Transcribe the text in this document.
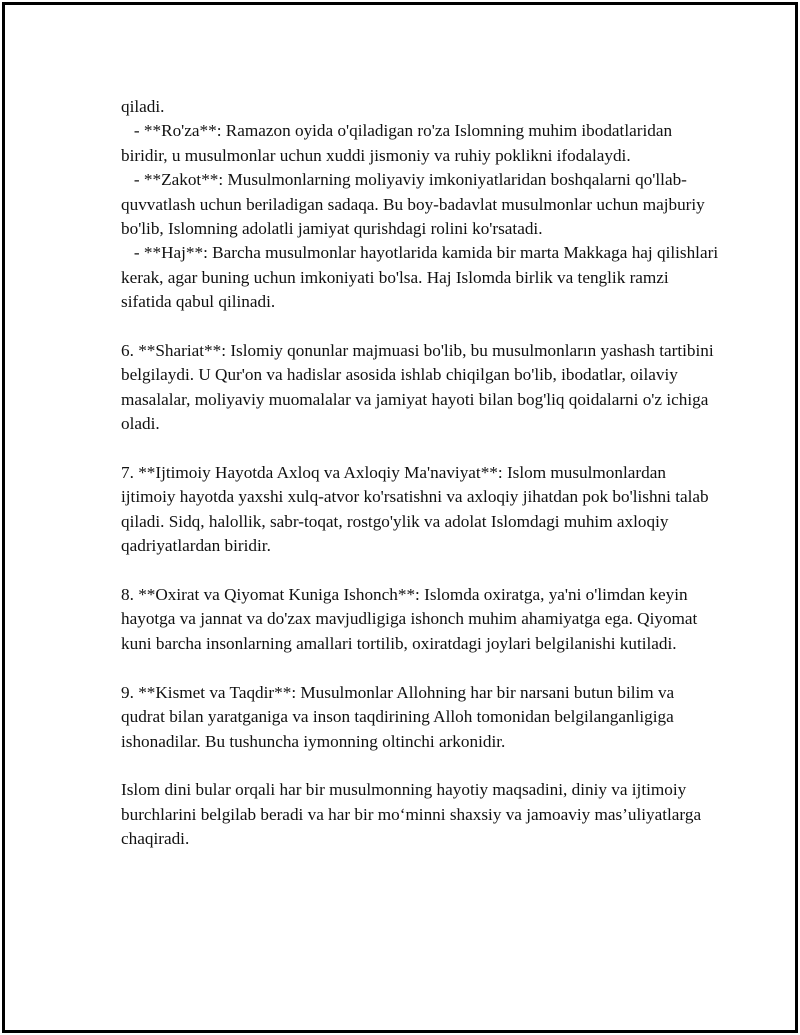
qiladi.
- **Ro'za**: Ramazon oyida o'qiladigan ro'za Islomning muhim ibodatlaridan biridir, u musulmonlar uchun xuddi jismoniy va ruhiy poklikni ifodalaydi.
- **Zakot**: Musulmonlarning moliyaviy imkoniyatlaridan boshqalarni qo'llab-quvvatlash uchun beriladigan sadaqa. Bu boy-badavlat musulmonlar uchun majburiy bo'lib, Islomning adolatli jamiyat qurishdagi rolini ko'rsatadi.
- **Haj**: Barcha musulmonlar hayotlarida kamida bir marta Makkaga haj qilishlari kerak, agar buning uchun imkoniyati bo'lsa. Haj Islomda birlik va tenglik ramzi sifatida qabul qilinadi.

6. **Shariat**: Islomiy qonunlar majmuasi bo'lib, bu musulmonların yashash tartibini belgilaydi. U Qur'on va hadislar asosida ishlab chiqilgan bo'lib, ibodatlar, oilaviy masalalar, moliyaviy muomalalar va jamiyat hayoti bilan bog'liq qoidalarni o'z ichiga oladi.

7. **Ijtimoiy Hayotda Axloq va Axloqiy Ma'naviyat**: Islom musulmonlardan ijtimoiy hayotda yaxshi xulq-atvor ko'rsatishni va axloqiy jihatdan pok bo'lishni talab qiladi. Sidq, halollik, sabr-toqat, rostgo'ylik va adolat Islomdagi muhim axloqiy qadriyatlardan biridir.

8. **Oxirat va Qiyomat Kuniga Ishonch**: Islomda oxiratga, ya'ni o'limdan keyin hayotga va jannat va do'zax mavjudligiga ishonch muhim ahamiyatga ega. Qiyomat kuni barcha insonlarning amallari tortilib, oxiratdagi joylari belgilanishi kutiladi.

9. **Kismet va Taqdir**: Musulmonlar Allohning har bir narsani butun bilim va qudrat bilan yaratganiga va inson taqdirining Alloh tomonidan belgilanganligiga ishonadilar. Bu tushuncha iymonning oltinchi arkonidir.

Islom dini bular orqali har bir musulmonning hayotiy maqsadini, diniy va ijtimoiy burchlarini belgilab beradi va har bir mo‘minni shaxsiy va jamoaviy mas’uliyatlarga chaqiradi.
